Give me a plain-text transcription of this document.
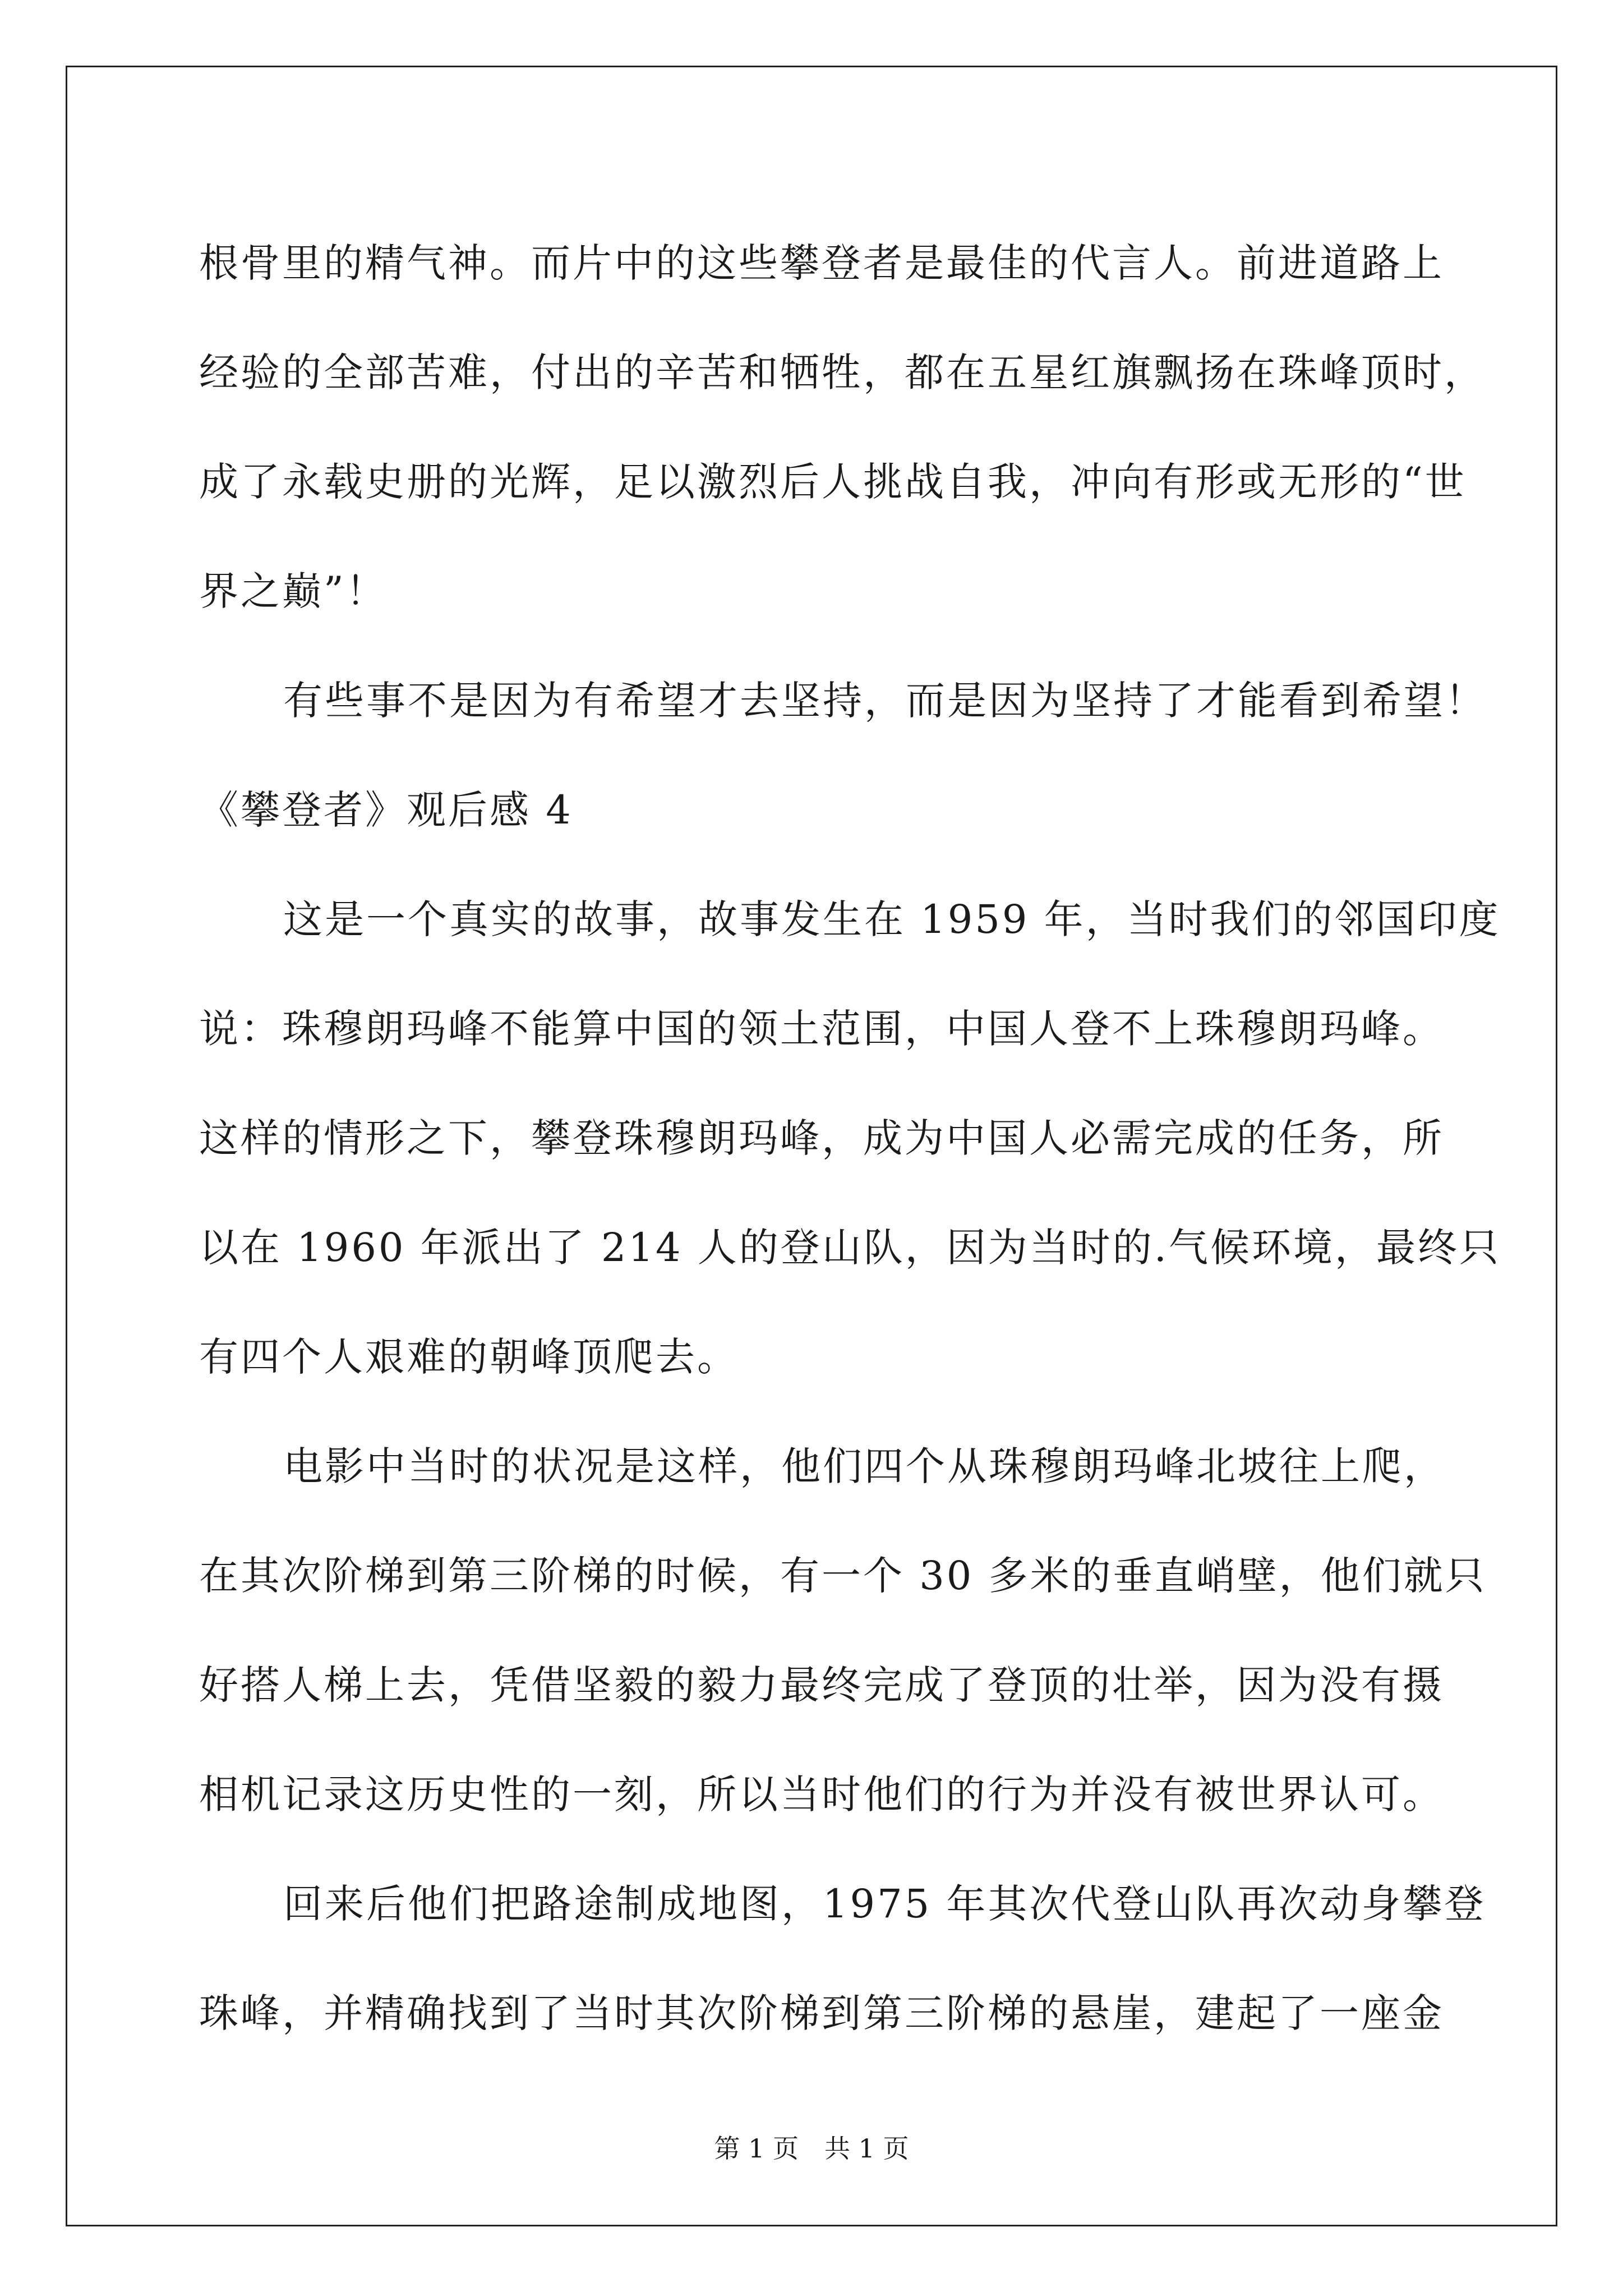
根骨里的精气神。而片中的这些攀登者是最佳的代言人。前进道路上
经验的全部苦难，付出的辛苦和牺牲，都在五星红旗飘扬在珠峰顶时，
成了永载史册的光辉，足以激烈后人挑战自我，冲向有形或无形的“世
界之巅”！
有些事不是因为有希望才去坚持，而是因为坚持了才能看到希望！
《攀登者》观后感 4
这是一个真实的故事，故事发生在 1959 年，当时我们的邻国印度
说：珠穆朗玛峰不能算中国的领土范围，中国人登不上珠穆朗玛峰。
这样的情形之下，攀登珠穆朗玛峰，成为中国人必需完成的任务，所
以在 1960 年派出了 214 人的登山队，因为当时的.气候环境，最终只
有四个人艰难的朝峰顶爬去。
电影中当时的状况是这样，他们四个从珠穆朗玛峰北坡往上爬，
在其次阶梯到第三阶梯的时候，有一个 30 多米的垂直峭壁，他们就只
好搭人梯上去，凭借坚毅的毅力最终完成了登顶的壮举，因为没有摄
相机记录这历史性的一刻，所以当时他们的行为并没有被世界认可。
回来后他们把路途制成地图，1975 年其次代登山队再次动身攀登
珠峰，并精确找到了当时其次阶梯到第三阶梯的悬崖，建起了一座金
第 1 页　共 1 页
